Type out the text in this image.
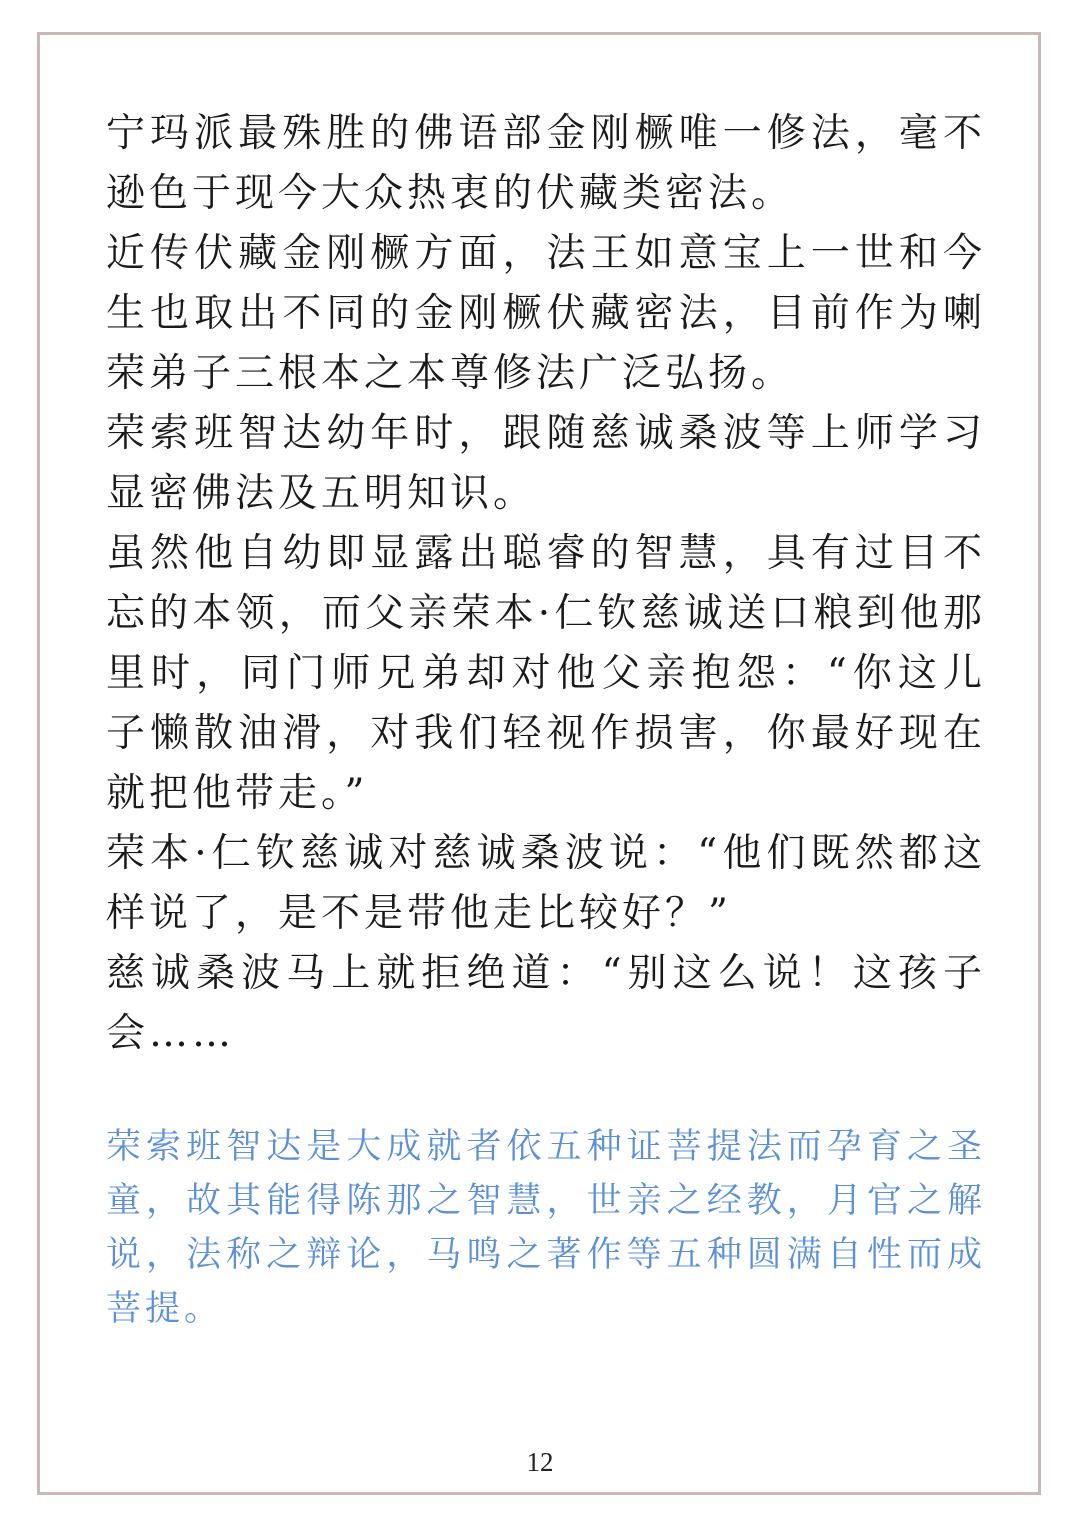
宁玛派最殊胜的佛语部金刚橛唯一修法，毫不逊色于现今大众热衷的伏藏类密法。

近传伏藏金刚橛方面，法王如意宝上一世和今生也取出不同的金刚橛伏藏密法，目前作为喇荣弟子三根本之本尊修法广泛弘扬。

荣索班智达幼年时，跟随慈诚桑波等上师学习显密佛法及五明知识。

虽然他自幼即显露出聪睿的智慧，具有过目不忘的本领，而父亲荣本·仁钦慈诚送口粮到他那里时，同门师兄弟却对他父亲抱怨：“你这儿子懒散油滑，对我们轻视作损害，你最好现在就把他带走。”

荣本·仁钦慈诚对慈诚桑波说：“他们既然都这样说了，是不是带他走比较好？”

慈诚桑波马上就拒绝道：“别这么说！这孩子会……

荣索班智达是大成就者依五种证菩提法而孕育之圣童，故其能得陈那之智慧，世亲之经教，月官之解说，法称之辩论，马鸣之著作等五种圆满自性而成菩提。

12
